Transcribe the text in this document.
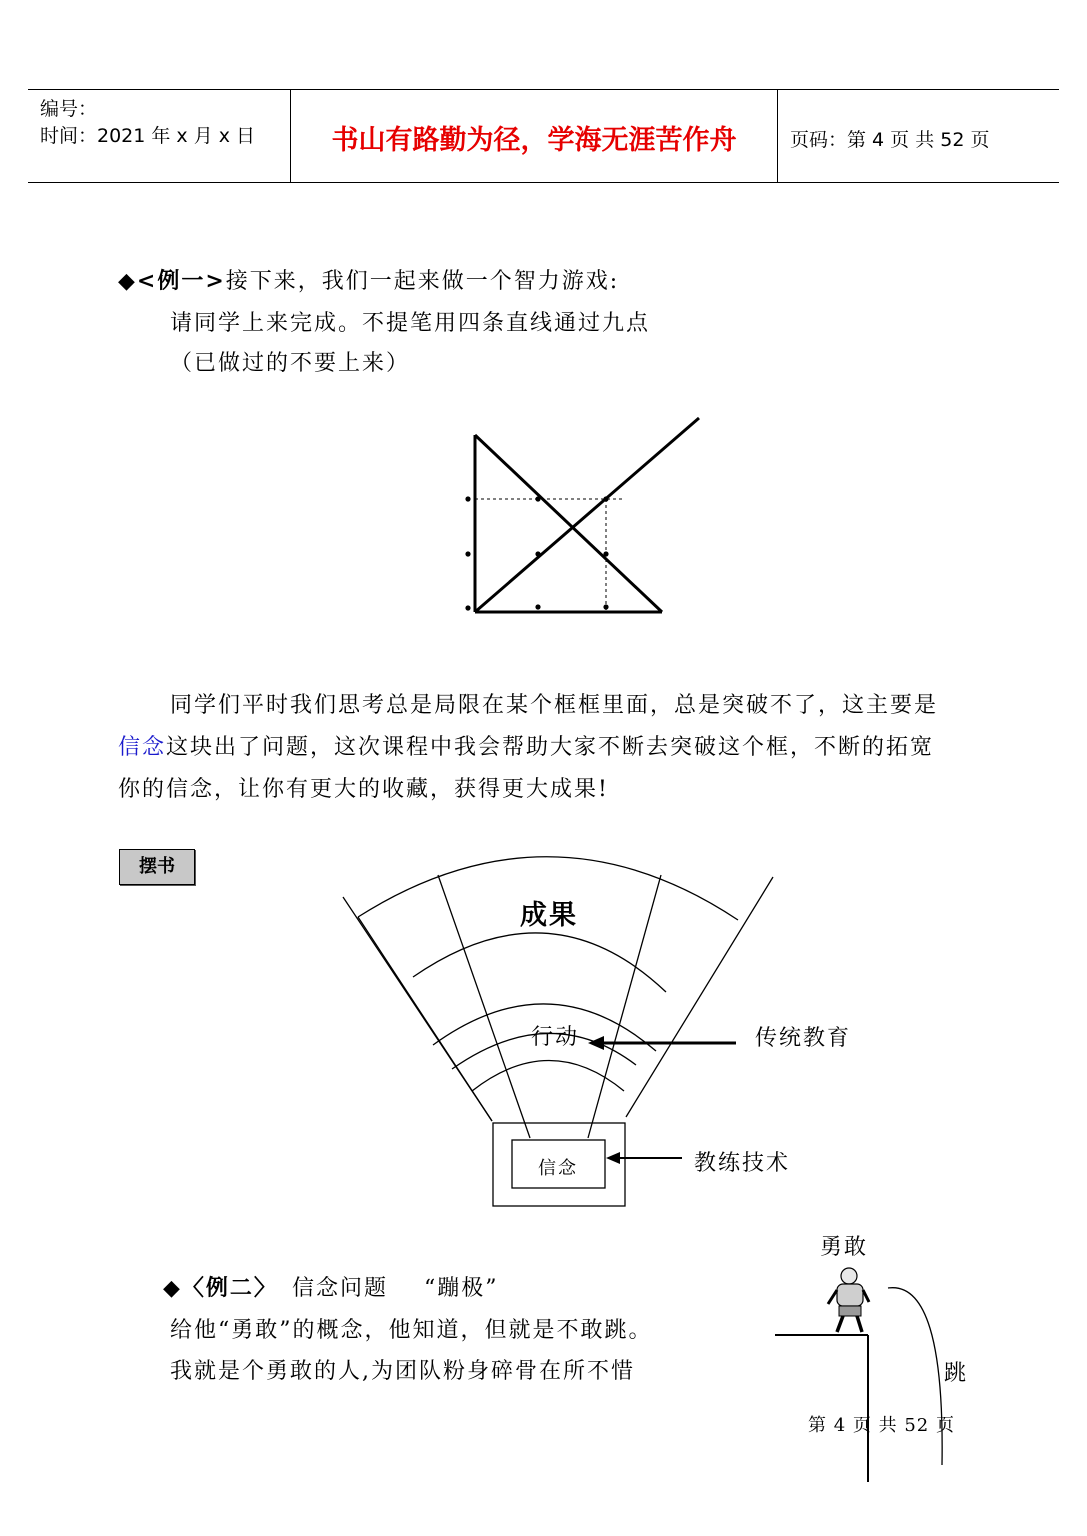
编号：
时间：2021 年 x 月 x 日	书山有路勤为径，学海无涯苦作舟	页码：第 4 页 共 52 页
◆<例一>接下来，我们一起来做一个智力游戏:
请同学上来完成。不提笔用四条直线通过九点
（已做过的不要上来）
同学们平时我们思考总是局限在某个框框里面，总是突破不了，这主要是
信念这块出了问题，这次课程中我会帮助大家不断去突破这个框，不断的拓宽
你的信念，让你有更大的收藏，获得更大成果!
摆书
成果
行动	传统教育
信念	教练技术
◆〈例二〉 信念问题 “蹦极”
给他“勇敢”的概念，他知道，但就是不敢跳。
我就是个勇敢的人,为团队粉身碎骨在所不惜
勇敢
跳
第 4 页 共 52 页
